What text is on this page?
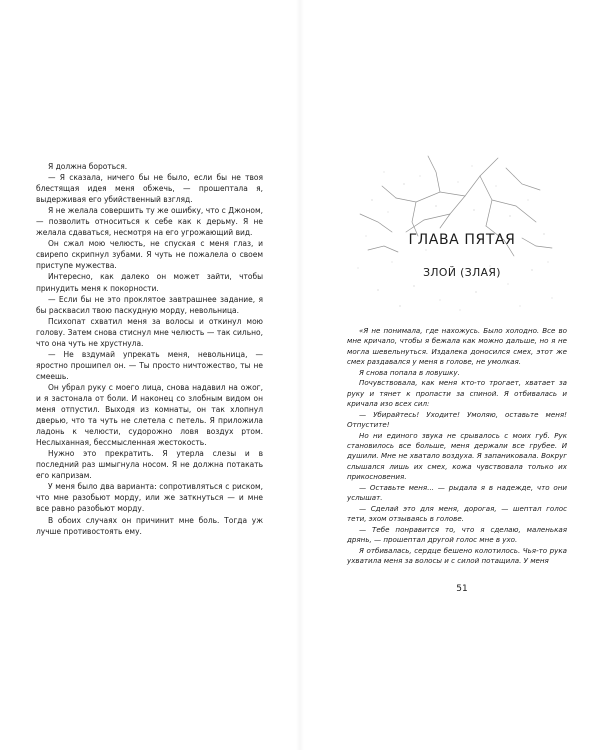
Я должна бороться.

— Я сказала, ничего бы не было, если бы не твоя блестящая идея меня обжечь, — прошептала я, выдерживая его убийственный взгляд.

Я не желала совершить ту же ошибку, что с Джоном, — позволить относиться к себе как к дерьму. Я не желала сдаваться, несмотря на его угрожающий вид.

Он сжал мою челюсть, не спуская с меня глаз, и свирепо скрипнул зубами. Я чуть не пожалела о своем приступе мужества.

Интересно, как далеко он может зайти, чтобы принудить меня к покорности.

— Если бы не это проклятое завтрашнее задание, я бы расквасил твою паскудную морду, невольница.

Психопат схватил меня за волосы и откинул мою голову. Затем снова стиснул мне челюсть — так сильно, что она чуть не хрустнула.

— Не вздумай упрекать меня, невольница, — яростно прошипел он. — Ты просто ничтожество, ты не смеешь.

Он убрал руку с моего лица, снова надавил на ожог, и я застонала от боли. И наконец со злобным видом он меня отпустил. Выходя из комнаты, он так хлопнул дверью, что та чуть не слетела с петель. Я приложила ладонь к челюсти, судорожно ловя воздух ртом. Неслыханная, бессмысленная жестокость.

Нужно это прекратить. Я утерла слезы и в последний раз шмыгнула носом. Я не должна потакать его капризам.

У меня было два варианта: сопротивляться с риском, что мне разобьют морду, или же заткнуться — и мне все равно разобьют морду.

В обоих случаях он причинит мне боль. Тогда уж лучше противостоять ему.

ГЛАВА ПЯТАЯ
ЗЛОЙ (ЗЛАЯ)

«Я не понимала, где нахожусь. Было холодно. Все во мне кричало, чтобы я бежала как можно дальше, но я не могла шевельнуться. Издалека доносился смех, этот же смех раздавался у меня в голове, не умолкая.

Я снова попала в ловушку.

Почувствовала, как меня кто-то трогает, хватает за руку и тянет к пропасти за спиной. Я отбивалась и кричала изо всех сил:

— Убирайтесь! Уходите! Умоляю, оставьте меня! Отпустите!

Но ни единого звука не срывалось с моих губ. Рук становилось все больше, меня держали все грубее. И душили. Мне не хватало воздуха. Я запаниковала. Вокруг слышался лишь их смех, кожа чувствовала только их прикосновения.

— Оставьте меня... — рыдала я в надежде, что они услышат.

— Сделай это для меня, дорогая, — шептал голос тети, эхом отзываясь в голове.

— Тебе понравится то, что я сделаю, маленькая дрянь, — прошептал другой голос мне в ухо.

Я отбивалась, сердце бешено колотилось. Чья-то рука ухватила меня за волосы и с силой потащила. У меня

51
